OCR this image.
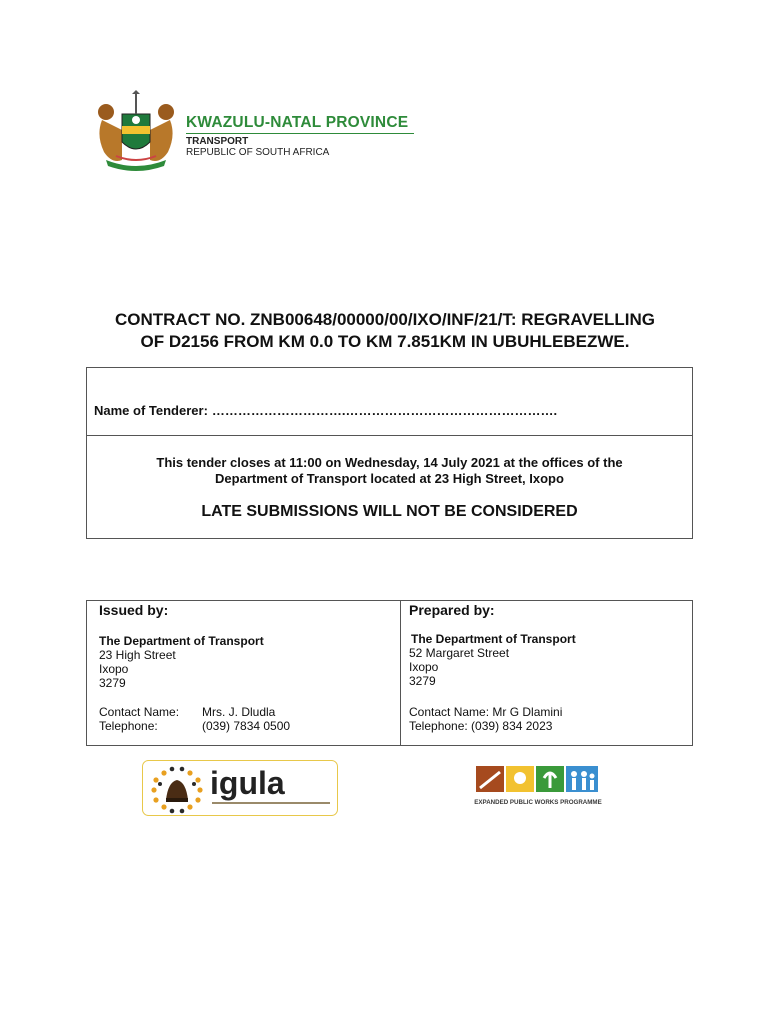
KWAZULU-NATAL PROVINCE
TRANSPORT
REPUBLIC OF SOUTH AFRICA
CONTRACT NO. ZNB00648/00000/00/IXO/INF/21/T: REGRAVELLING
OF D2156 FROM KM 0.0 TO KM 7.851KM IN UBUHLEBEZWE.
Name of Tenderer: ………………………….………………………………………….
This tender closes at 11:00 on Wednesday, 14 July 2021 at the offices of the
Department of Transport located at 23 High Street, Ixopo
LATE SUBMISSIONS WILL NOT BE CONSIDERED
Issued by:
The Department of Transport
23 High Street
Ixopo
3279
Contact Name: Mrs. J. Dludla
Telephone:	(039) 7834 0500
Prepared by:
The Department of Transport
52 Margaret Street
Ixopo
3279
Contact Name: Mr G Dlamini
Telephone: (039) 834 2023
igula
EXPANDED PUBLIC WORKS PROGRAMME
